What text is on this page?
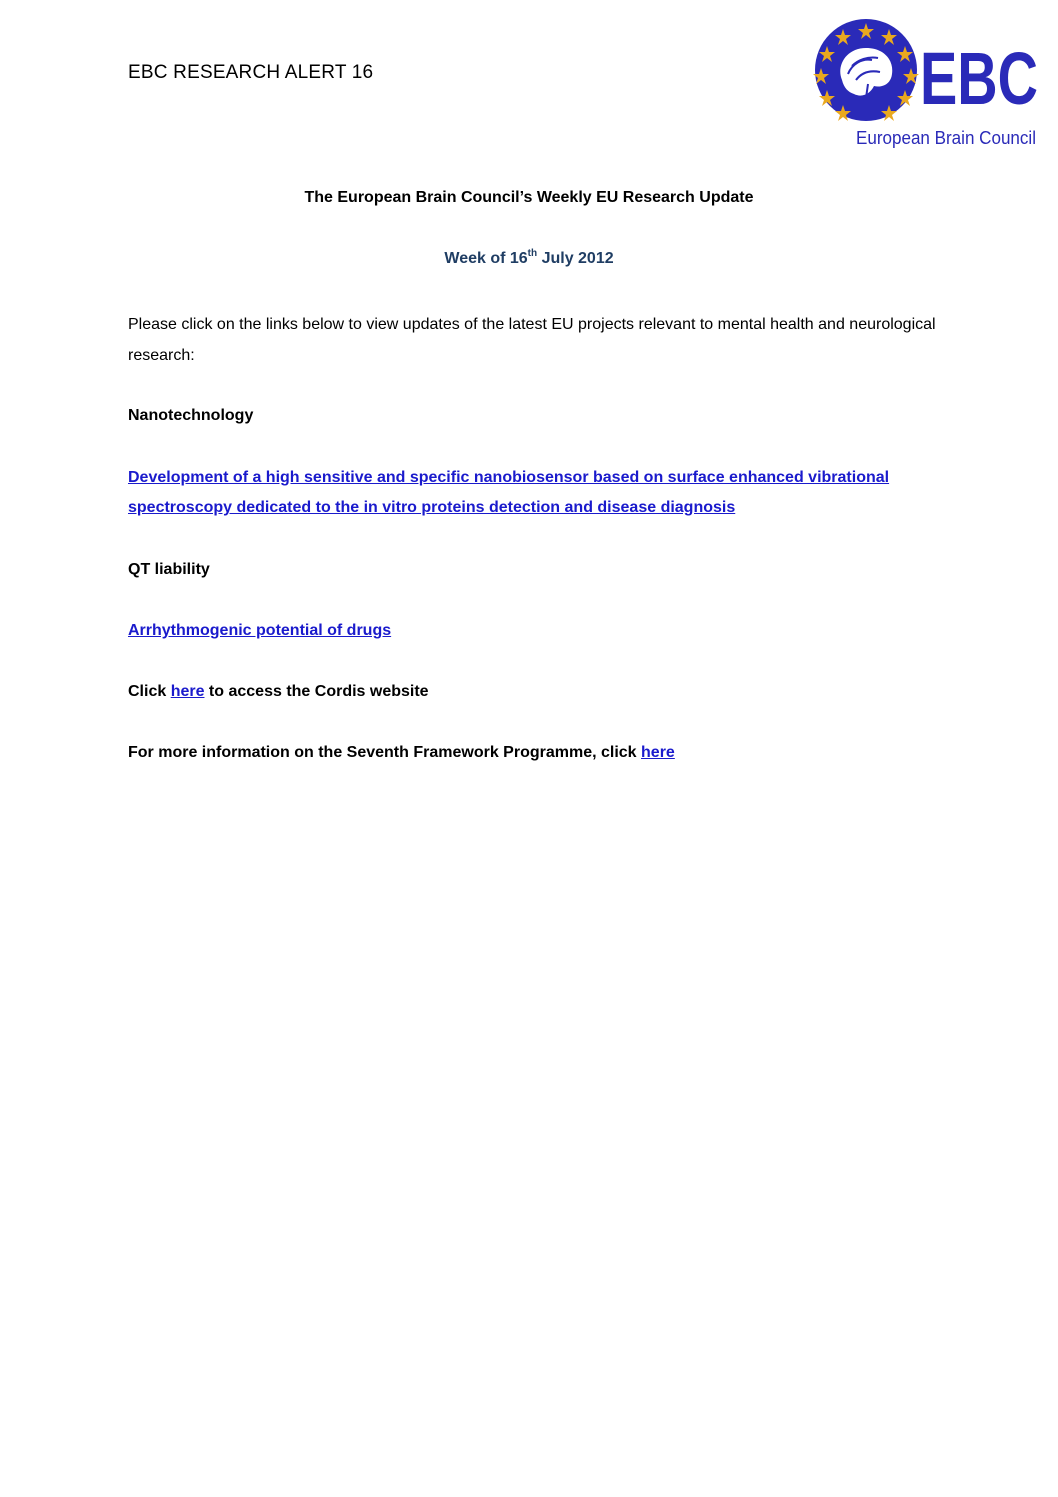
EBC RESEARCH ALERT 16	EBC
European Brain Council
The European Brain Council’s Weekly EU Research Update
Week of 16th July 2012
Please click on the links below to view updates of the latest EU projects relevant to mental health and neurological research:
Nanotechnology
Development of a high sensitive and specific nanobiosensor based on surface enhanced vibrational spectroscopy dedicated to the in vitro proteins detection and disease diagnosis
QT liability
Arrhythmogenic potential of drugs
Click here to access the Cordis website
For more information on the Seventh Framework Programme, click here
